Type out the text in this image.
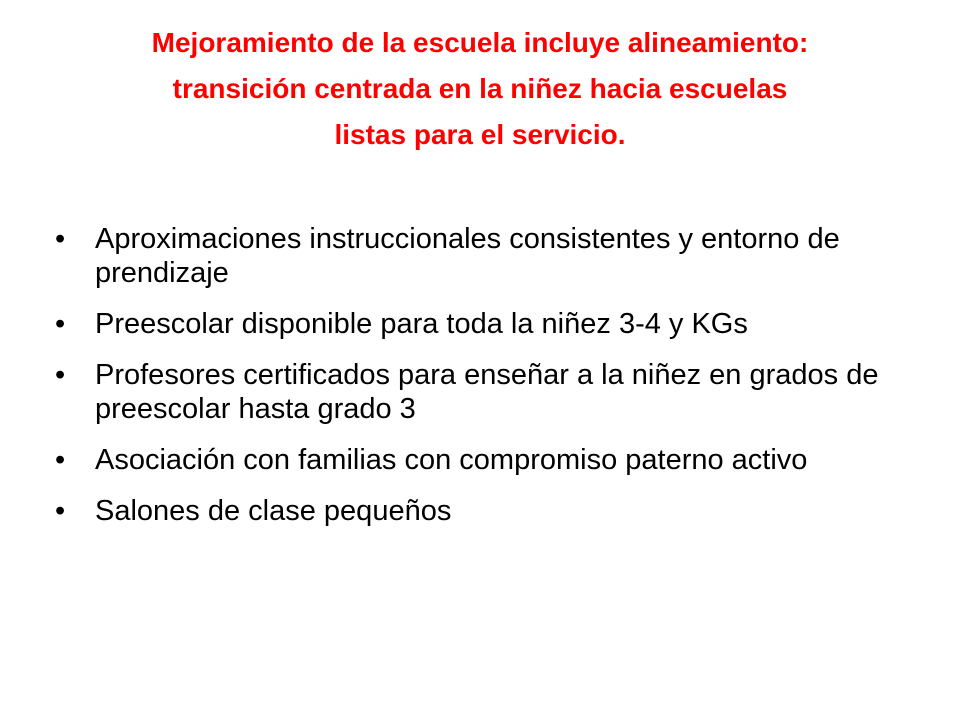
Mejoramiento de la escuela incluye alineamiento:
transición centrada en la niñez hacia escuelas
listas para el servicio.
•	Aproximaciones instruccionales consistentes y entorno de prendizaje
•	Preescolar disponible para toda la niñez 3-4 y KGs
•	Profesores certificados para enseñar a la niñez en grados de preescolar hasta grado 3
•	Asociación con familias con compromiso paterno activo
•	Salones de clase pequeños
